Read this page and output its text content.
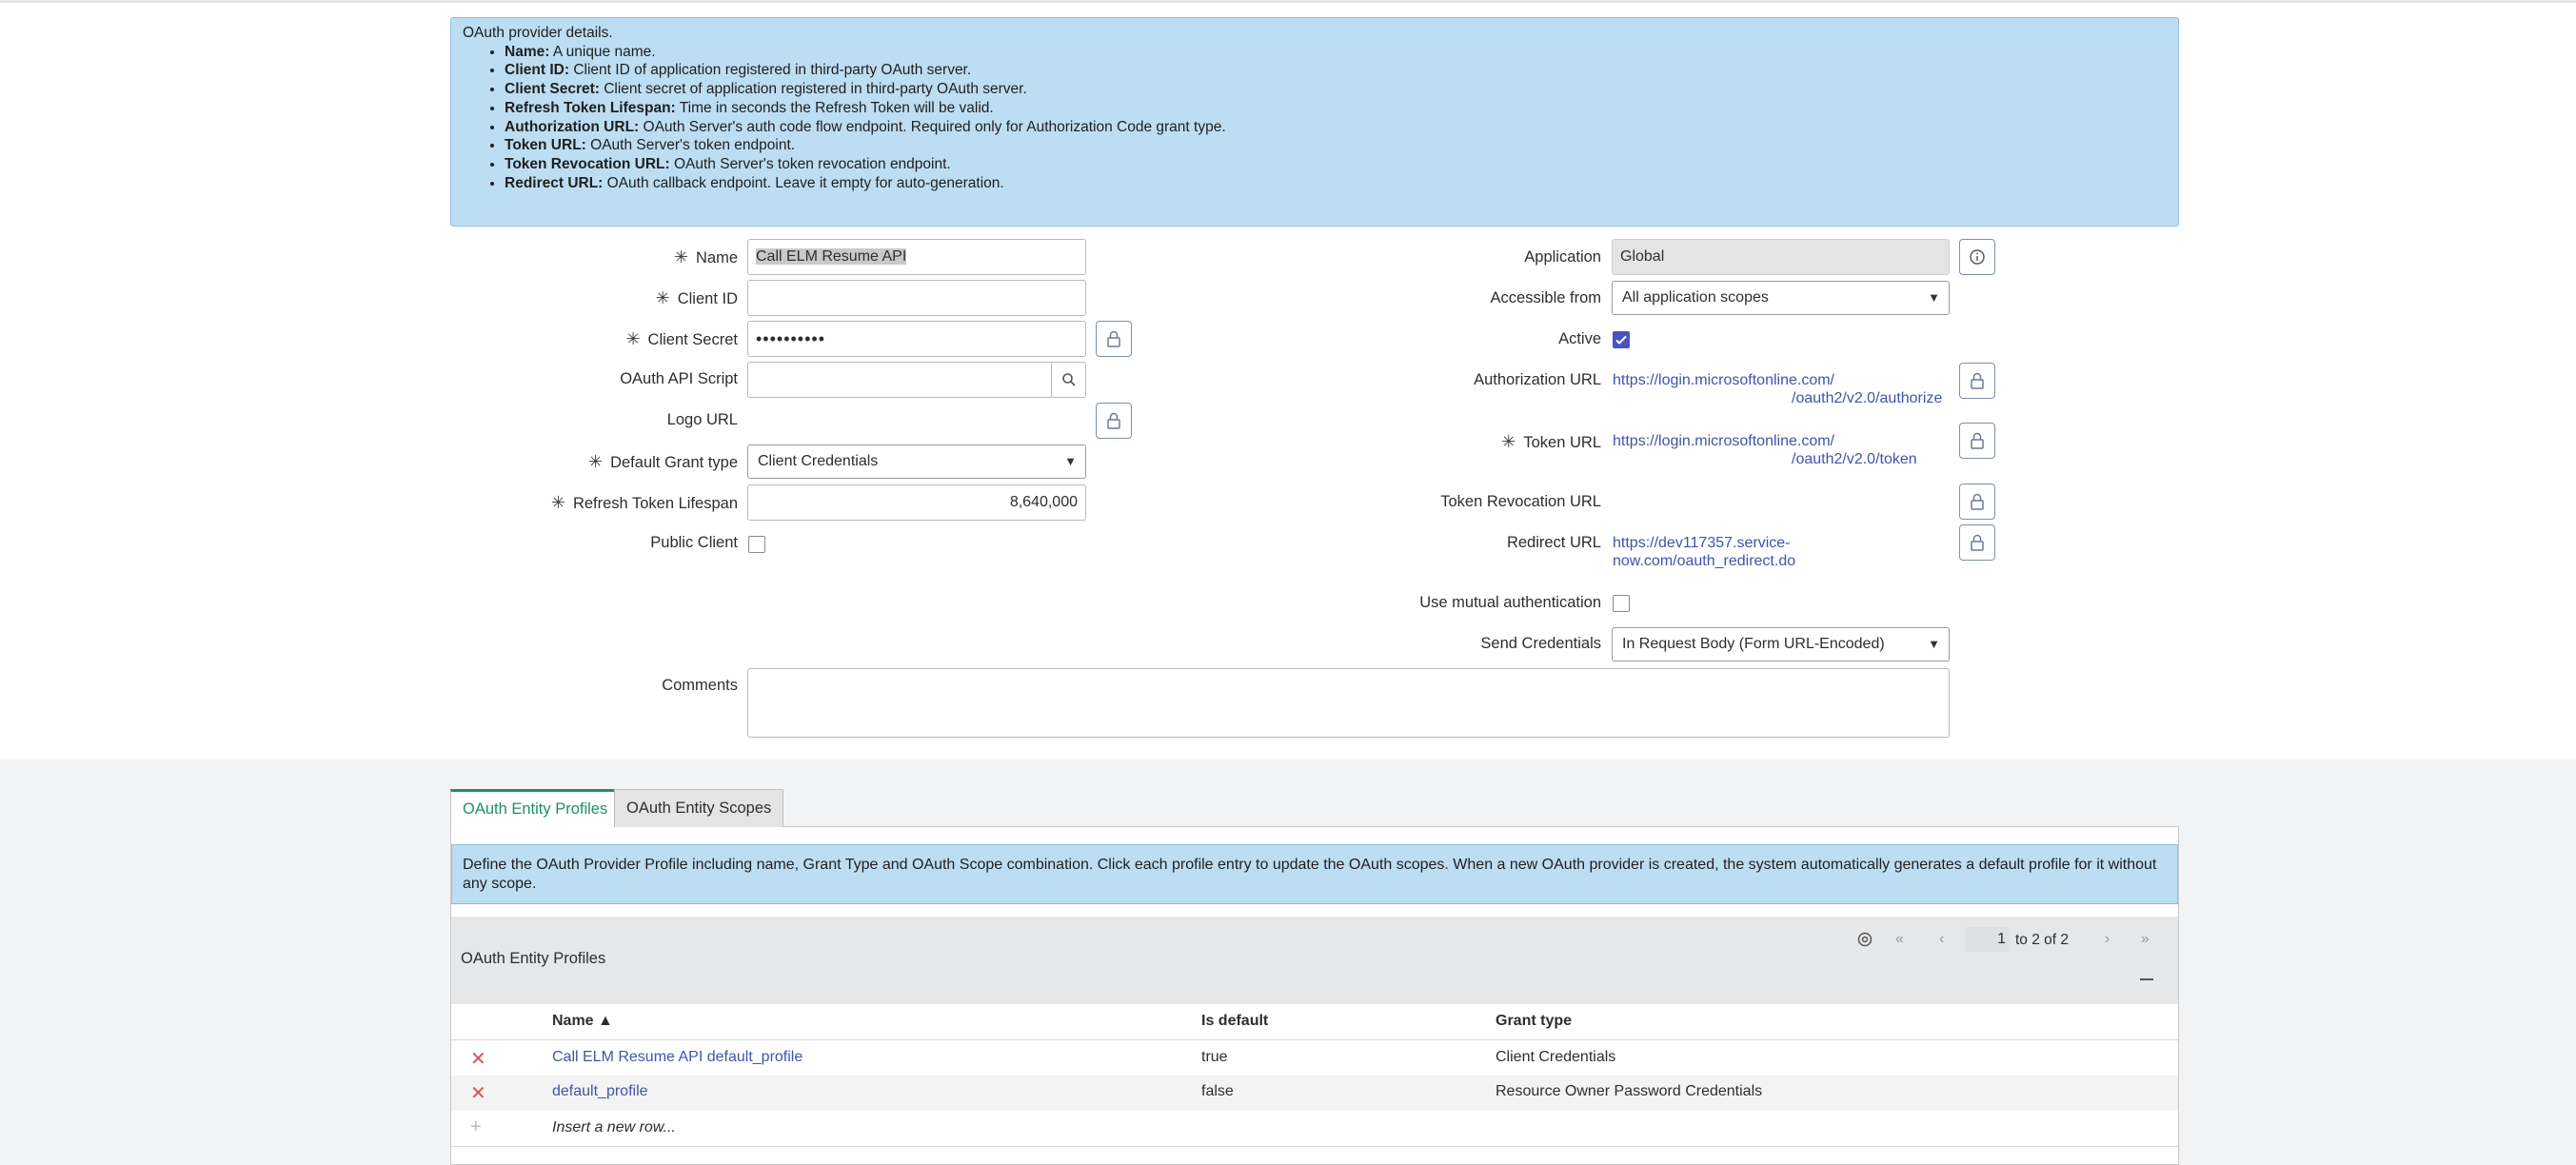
OAuth provider details.
• Name: A unique name.
• Client ID: Client ID of application registered in third-party OAuth server.
• Client Secret: Client secret of application registered in third-party OAuth server.
• Refresh Token Lifespan: Time in seconds the Refresh Token will be valid.
• Authorization URL: OAuth Server's auth code flow endpoint. Required only for Authorization Code grant type.
• Token URL: OAuth Server's token endpoint.
• Token Revocation URL: OAuth Server's token revocation endpoint.
• Redirect URL: OAuth callback endpoint. Leave it empty for auto-generation.
✳ Name	Call ELM Resume API
✳ Client ID
✳ Client Secret	••••••••••
OAuth API Script
Logo URL
✳ Default Grant type	Client Credentials	▼
✳ Refresh Token Lifespan	8,640,000
Public Client
Application	Global
Accessible from	All application scopes	▼
Active
Authorization URL https://login.microsoftonline.com/
/oauth2/v2.0/authorize
✳ Token URL https://login.microsoftonline.com/
/oauth2/v2.0/token
Token Revocation URL
Redirect URL https://dev117357.service-
now.com/oauth_redirect.do
Use mutual authentication
Send Credentials	In Request Body (Form URL-Encoded)	▼
Comments
OAuth Entity Profiles	OAuth Entity Scopes
Define the OAuth Provider Profile including name, Grant Type and OAuth Scope combination. Click each profile entry to update the OAuth scopes. When a new OAuth provider is created, the system automatically generates a default profile for it without any scope.
OAuth Entity Profiles
« ‹	1 to 2 of 2 › »
Name ▲	Is default	Grant type
✕	Call ELM Resume API default_profile	true	Client Credentials
✕	default_profile	false	Resource Owner Password Credentials
+	Insert a new row...
